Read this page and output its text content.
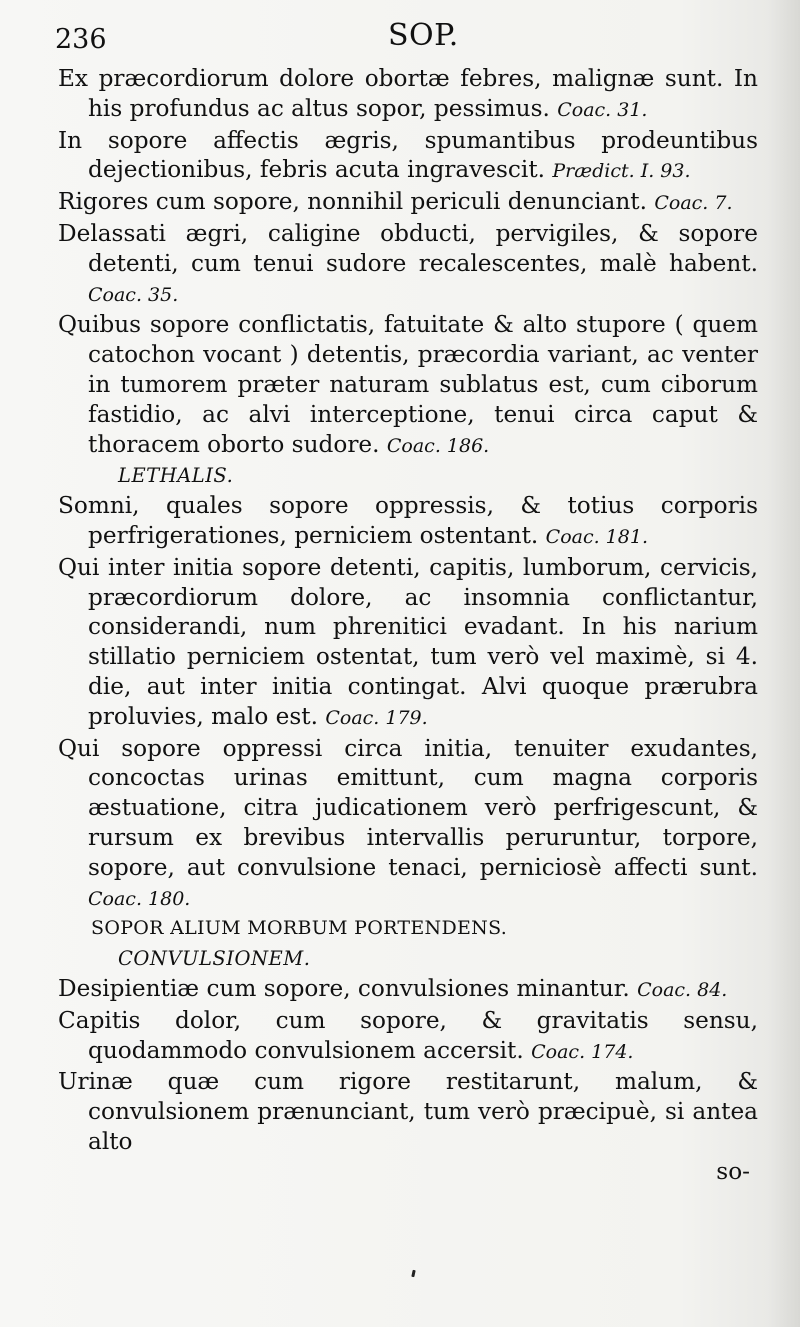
236	SOP.

Ex præcordiorum dolore obortæ febres, malignæ sunt. In his profundus ac altus sopor, pessimus. Coac. 31.

In sopore affectis ægris, spumantibus prodeuntibus dejectionibus, febris acuta ingravescit. Prædict. I. 93.

Rigores cum sopore, nonnihil periculi denunciant. Coac. 7.

Delassati ægri, caligine obducti, pervigiles, & sopore detenti, cum tenui sudore recalescentes, malè habent. Coac. 35.

Quibus sopore conflictatis, fatuitate & alto stupore ( quem catochon vocant ) detentis, præcordia variant, ac venter in tumorem præter naturam sublatus est, cum ciborum fastidio, ac alvi interceptione, tenui circa caput & thoracem oborto sudore. Coac. 186.

LETHALIS.

Somni, quales sopore oppressis, & totius corporis perfrigerationes, perniciem ostentant. Coac. 181.

Qui inter initia sopore detenti, capitis, lumborum, cervicis, præcordiorum dolore, ac insomnia conflictantur, considerandi, num phrenitici evadant. In his narium stillatio perniciem ostentat, tum verò vel maximè, si 4. die, aut inter initia contingat. Alvi quoque prærubra proluvies, malo est. Coac. 179.

Qui sopore oppressi circa initia, tenuiter exudantes, concoctas urinas emittunt, cum magna corporis æstuatione, citra judicationem verò perfrigescunt, & rursum ex brevibus intervallis peruruntur, torpore, sopore, aut convulsione tenaci, perniciosè affecti sunt. Coac. 180.

SOPOR ALIUM MORBUM PORTENDENS.

CONVULSIONEM.

Desipientiæ cum sopore, convulsiones minantur. Coac. 84.

Capitis dolor, cum sopore, & gravitatis sensu, quodammodo convulsionem accersit. Coac. 174.

Urinæ quæ cum rigore restitarunt, malum, & convulsionem prænunciant, tum verò præcipuè, si antea alto

so-
